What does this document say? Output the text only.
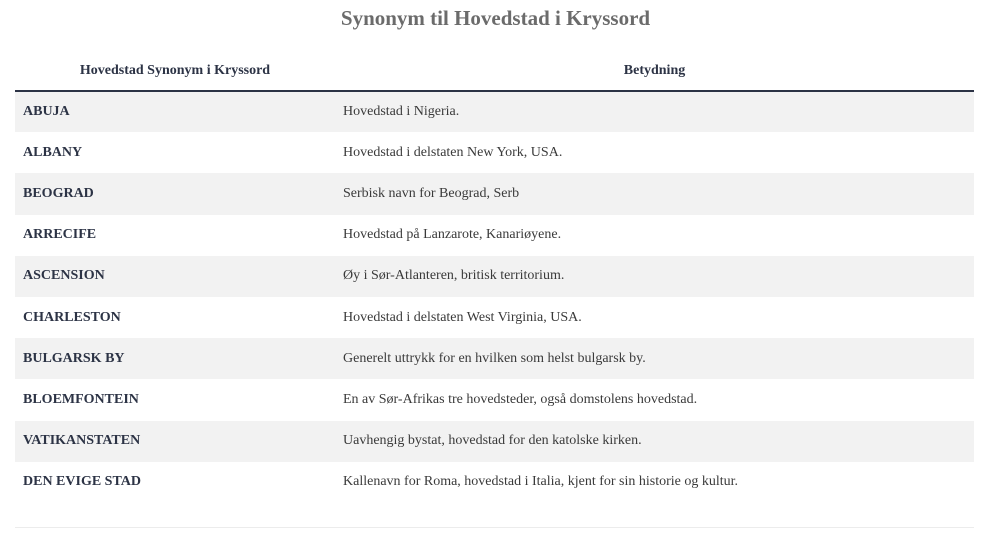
Synonym til Hovedstad i Kryssord
Hovedstad Synonym i Kryssord	Betydning
ABUJA	Hovedstad i Nigeria.
ALBANY	Hovedstad i delstaten New York, USA.
BEOGRAD	Serbisk navn for Beograd, Serb
ARRECIFE	Hovedstad på Lanzarote, Kanariøyene.
ASCENSION	Øy i Sør-Atlanteren, britisk territorium.
CHARLESTON	Hovedstad i delstaten West Virginia, USA.
BULGARSK BY	Generelt uttrykk for en hvilken som helst bulgarsk by.
BLOEMFONTEIN	En av Sør-Afrikas tre hovedsteder, også domstolens hovedstad.
VATIKANSTATEN	Uavhengig bystat, hovedstad for den katolske kirken.
DEN EVIGE STAD	Kallenavn for Roma, hovedstad i Italia, kjent for sin historie og kultur.
